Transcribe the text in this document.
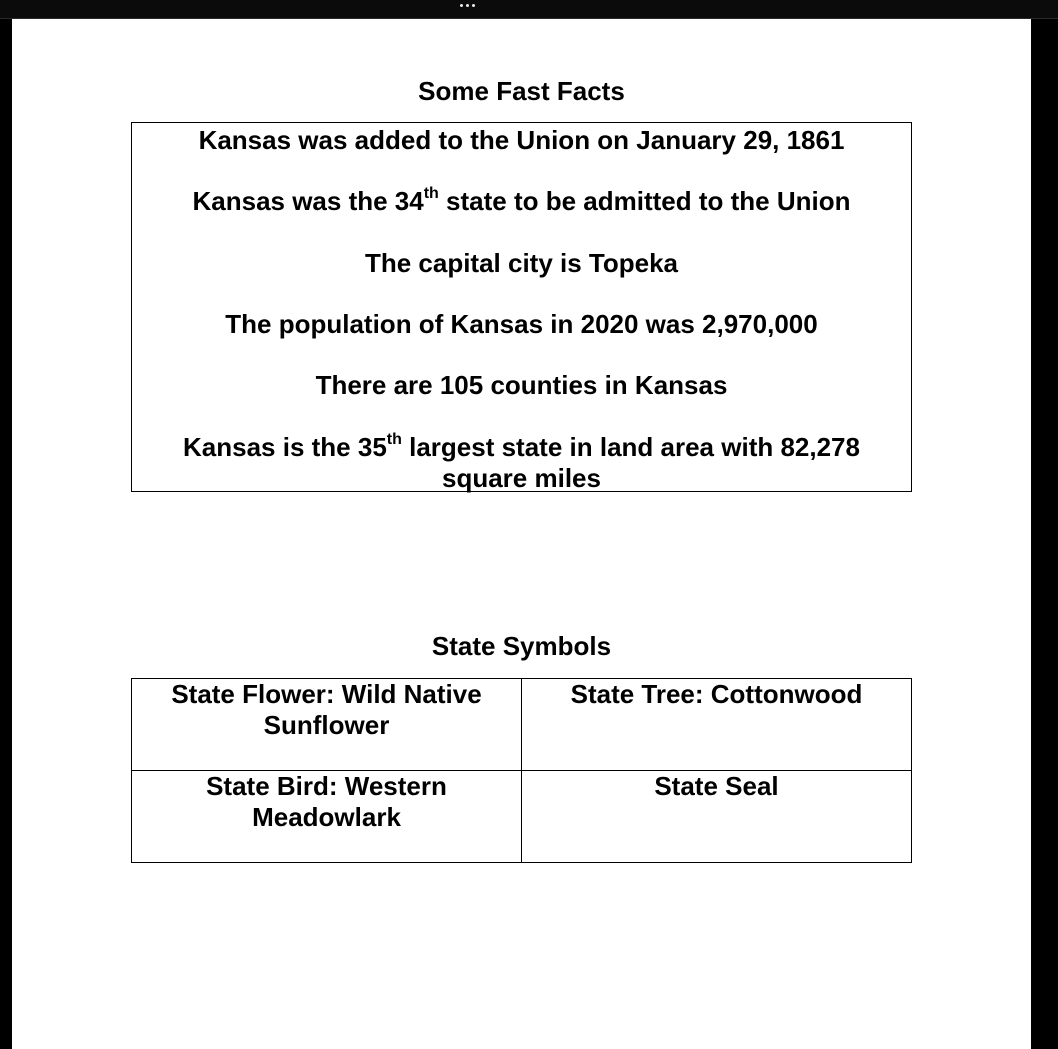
Some Fast Facts
Kansas was added to the Union on January 29, 1861
Kansas was the 34th state to be admitted to the Union
The capital city is Topeka
The population of Kansas in 2020 was 2,970,000
There are 105 counties in Kansas
Kansas is the 35th largest state in land area with 82,278
square miles
State Symbols
State Flower: Wild Native
Sunflower	State Tree: Cottonwood

State Bird: Western
Meadowlark	State Seal
